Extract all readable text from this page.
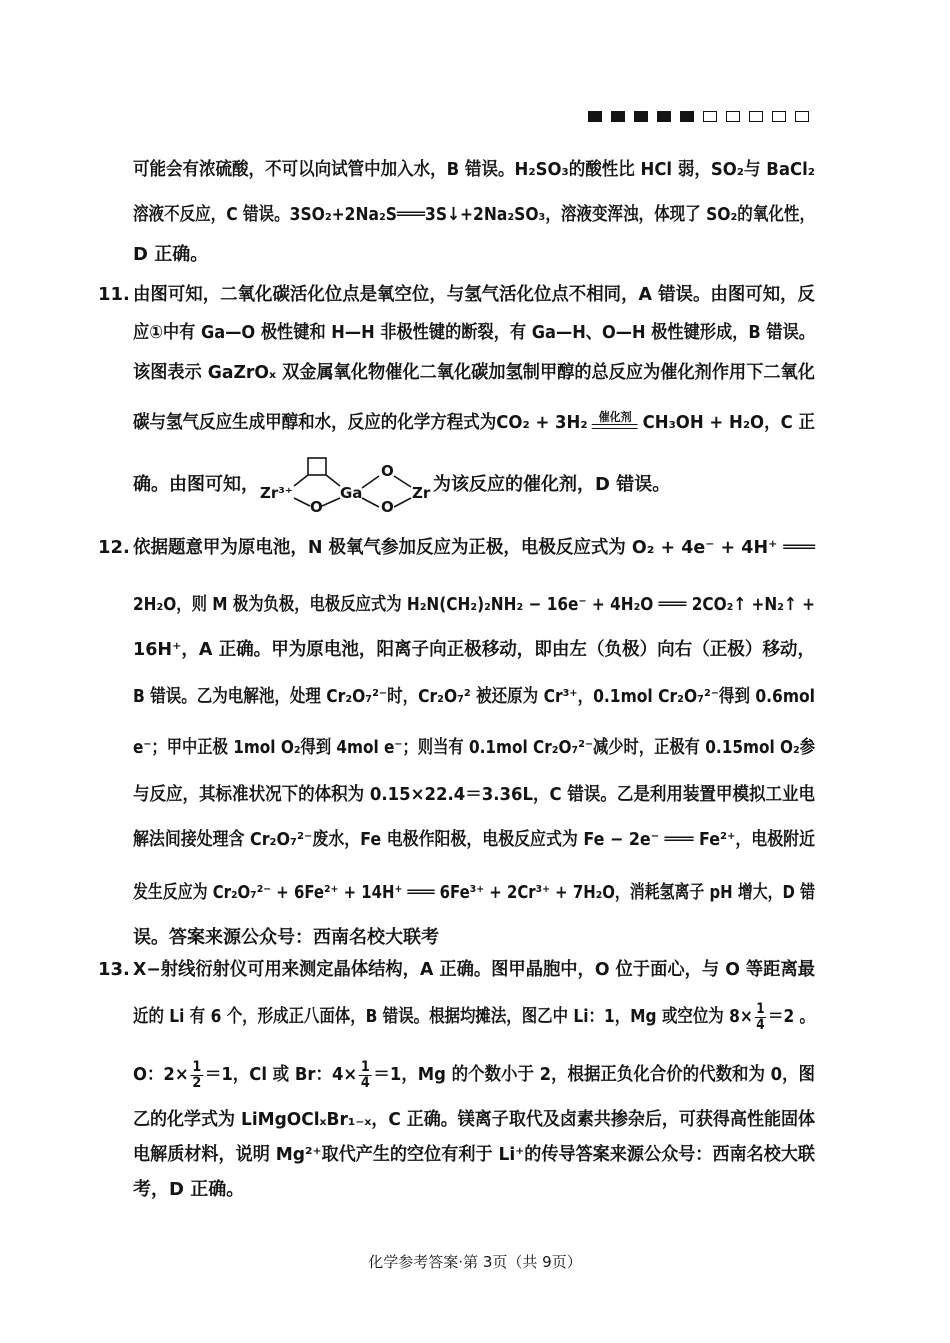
可能会有浓硫酸，不可以向试管中加入水，B 错误。H₂SO₃的酸性比 HCl 弱，SO₂与 BaCl₂
溶液不反应，C 错误。3SO₂+2Na₂S═══3S↓+2Na₂SO₃，溶液变浑浊，体现了 SO₂的氧化性，
D 正确。
11. 由图可知，二氧化碳活化位点是氧空位，与氢气活化位点不相同，A 错误。由图可知，反
应①中有 Ga—O 极性键和 H—H 非极性键的断裂，有 Ga—H、O—H 极性键形成，B 错误。
该图表示 GaZrOₓ 双金属氧化物催化二氧化碳加氢制甲醇的总反应为催化剂作用下二氧化
碳与氢气反应生成甲醇和水，反应的化学方程式为CO₂ + 3H₂ 催化剂 CH₃OH + H₂O，C 正
确。由图可知， Zr³⁺
O
Ga
O
O
Zr 为该反应的催化剂，D 错误。
12. 依据题意甲为原电池，N 极氧气参加反应为正极，电极反应式为 O₂ + 4e⁻ + 4H⁺ ═══
2H₂O，则 M 极为负极，电极反应式为 H₂N(CH₂)₂NH₂ − 16e⁻ + 4H₂O ═══ 2CO₂↑ +N₂↑ +
16H⁺，A 正确。甲为原电池，阳离子向正极移动，即由左（负极）向右（正极）移动，
B 错误。乙为电解池，处理 Cr₂O₇²⁻时，Cr₂O₇² 被还原为 Cr³⁺，0.1mol Cr₂O₇²⁻得到 0.6mol
e⁻；甲中正极 1mol O₂得到 4mol e⁻；则当有 0.1mol Cr₂O₇²⁻减少时，正极有 0.15mol O₂参
与反应，其标准状况下的体积为 0.15×22.4＝3.36L，C 错误。乙是利用装置甲模拟工业电
解法间接处理含 Cr₂O₇²⁻废水，Fe 电极作阳极，电极反应式为 Fe − 2e⁻ ═══ Fe²⁺，电极附近
发生反应为 Cr₂O₇²⁻ + 6Fe²⁺ + 14H⁺ ═══ 6Fe³⁺ + 2Cr³⁺ + 7H₂O，消耗氢离子 pH 增大，D 错
误。答案来源公众号：西南名校大联考
13. X−射线衍射仪可用来测定晶体结构，A 正确。图甲晶胞中，O 位于面心，与 O 等距离最
近的 Li 有 6 个，形成正八面体，B 错误。根据均摊法，图乙中 Li：1，Mg 或空位为 $8\times \frac{1}{4} =2$ 。
O：$2\times \frac{1}{2} =1$，Cl 或 Br：$4\times \frac{1}{4} =1$，Mg 的个数小于 2，根据正负化合价的代数和为 0，图
乙的化学式为 LiMgOClₓBr₁₋ₓ，C 正确。镁离子取代及卤素共掺杂后，可获得高性能固体
电解质材料，说明 Mg²⁺取代产生的空位有利于 Li⁺的传导答案来源公众号：西南名校大联
考，D 正确。
化学参考答案·第 3页（共 9页）
